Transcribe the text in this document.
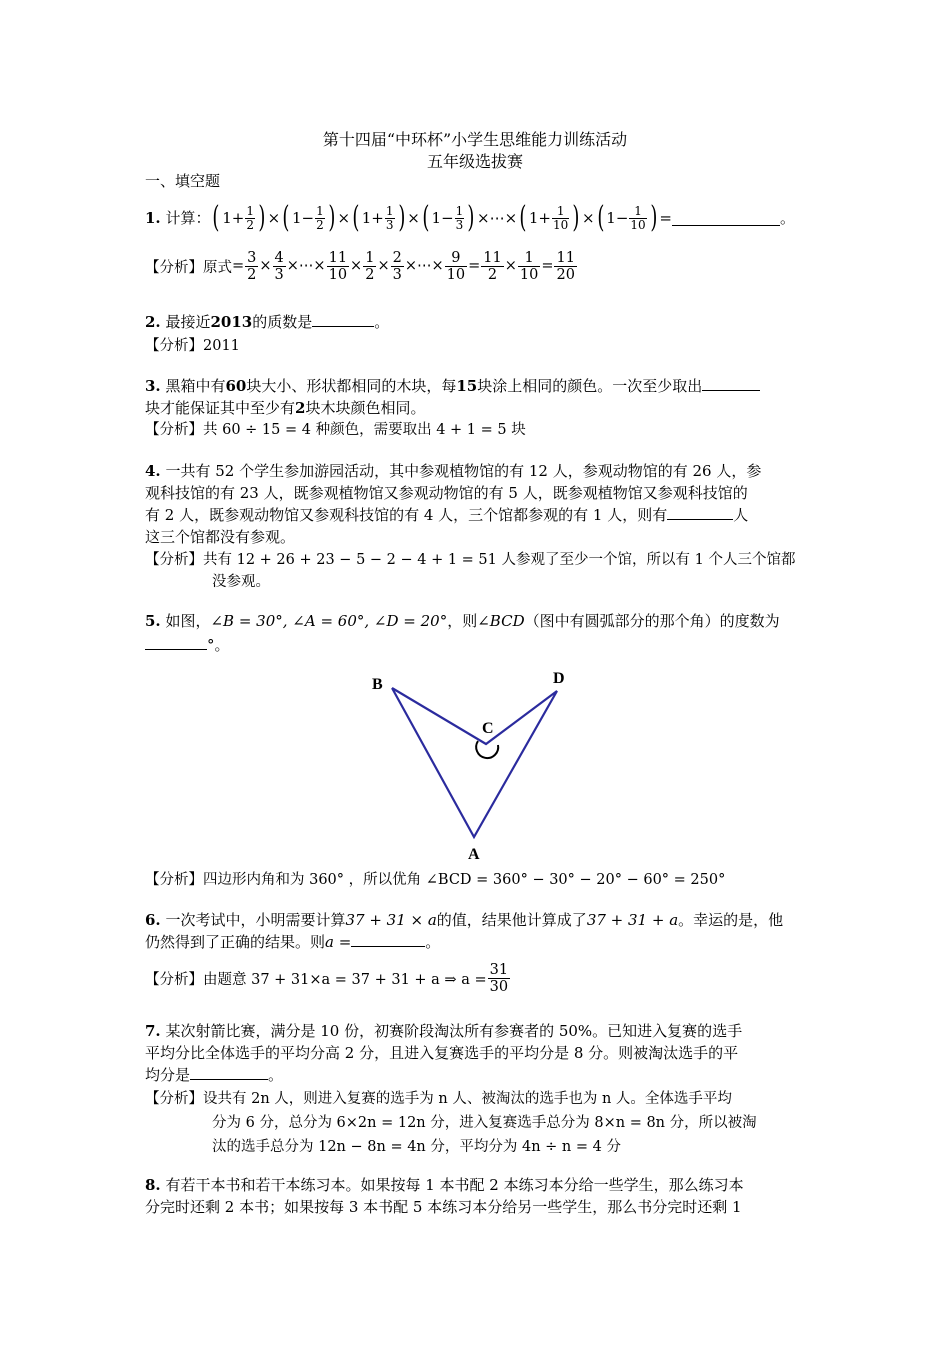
第十四届“中环杯”小学生思维能力训练活动
五年级选拔赛
一、填空题
1.
计算： ( $1+ \frac{1}{2}$ ) × ( $1- \frac{1}{2}$ ) × ( $1+ \frac{1}{3}$ ) × ( $1- \frac{1}{3}$ ) ×⋯× ( $1+ \frac{1}{10}$ ) × ( $1- \frac{1}{10}$ ) =	。
【分析】 原式 = $\frac{3}{2} \times \frac{4}{3}$ ×⋯× $\frac{11}{10} \times \frac{1}{2} \times \frac{2}{3}$ ×⋯× $\frac{9}{10} = \frac{11}{2} \times \frac{1}{10} = \frac{11}{20}$
2. 最接近2013的质数是	。
【分析】2011
3. 黑箱中有60块大小、形状都相同的木块，每15块涂上相同的颜色。一次至少取出
块才能保证其中至少有2块木块颜色相同。
【分析】共 60 ÷ 15 = 4 种颜色，需要取出 4 + 1 = 5 块
4. 一共有 52 个学生参加游园活动，其中参观植物馆的有 12 人，参观动物馆的有 26 人，参
观科技馆的有 23 人，既参观植物馆又参观动物馆的有 5 人，既参观植物馆又参观科技馆的
有 2 人，既参观动物馆又参观科技馆的有 4 人，三个馆都参观的有 1 人，则有	人
这三个馆都没有参观。
【分析】共有 12 + 26 + 23 − 5 − 2 − 4 + 1 = 51 人参观了至少一个馆，所以有 1 个人三个馆都
没参观。
5. 如图，∠B = 30°, ∠A = 60°, ∠D = 20°，则∠BCD（图中有圆弧部分的那个角）的度数为
°。
B
C
D
A
【分析】四边形内角和为 360° ，所以优角 ∠BCD = 360° − 30° − 20° − 60° = 250°
6. 一次考试中，小明需要计算37 + 31 × a的值，结果他计算成了37 + 31 + a。幸运的是，他
仍然得到了正确的结果。则a =	。
【分析】 由题意 37 + 31×a = 37 + 31 + a ⇒ $a = \frac{31}{30}$
7. 某次射箭比赛，满分是 10 份，初赛阶段淘汰所有参赛者的 50%。已知进入复赛的选手
平均分比全体选手的平均分高 2 分，且进入复赛选手的平均分是 8 分。则被淘汰选手的平
均分是	。
【分析】设共有 2n 人，则进入复赛的选手为 n 人、被淘汰的选手也为 n 人。全体选手平均
分为 6 分，总分为 6×2n = 12n 分，进入复赛选手总分为 8×n = 8n 分，所以被淘
汰的选手总分为 12n − 8n = 4n 分，平均分为 4n ÷ n = 4 分
8. 有若干本书和若干本练习本。如果按每 1 本书配 2 本练习本分给一些学生，那么练习本
分完时还剩 2 本书；如果按每 3 本书配 5 本练习本分给另一些学生，那么书分完时还剩 1
